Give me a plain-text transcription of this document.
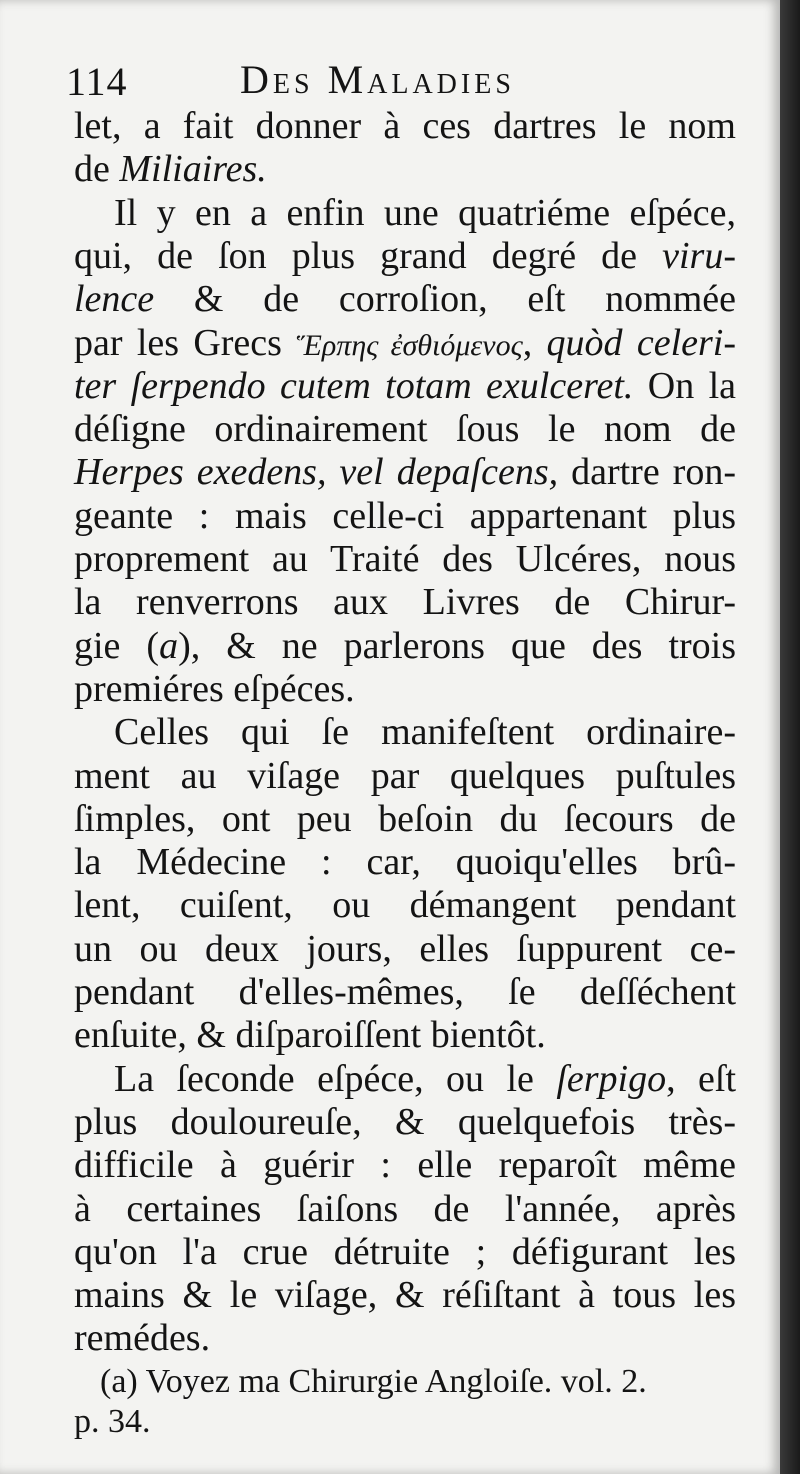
114	Des Maladies
let, a fait donner à ces dartres le nom
de Miliaires.
Il y en a enfin une quatriéme eſpéce,
qui, de ſon plus grand degré de viru-
lence & de corroſion, eſt nommée
par les Grecs Ἕρπης ἐσθιόμενος, quòd celeri-
ter ſerpendo cutem totam exulceret. On la
déſigne ordinairement ſous le nom de
Herpes exedens, vel depaſcens, dartre ron-
geante : mais celle-ci appartenant plus
proprement au Traité des Ulcéres, nous
la renverrons aux Livres de Chirur-
gie (a), & ne parlerons que des trois
premiéres eſpéces.
Celles qui ſe manifeſtent ordinaire-
ment au viſage par quelques puſtules
ſimples, ont peu beſoin du ſecours de
la Médecine : car, quoiqu'elles brû-
lent, cuiſent, ou démangent pendant
un ou deux jours, elles ſuppurent ce-
pendant d'elles-mêmes, ſe deſſéchent
enſuite, & diſparoiſſent bientôt.
La ſeconde eſpéce, ou le ſerpigo, eſt
plus douloureuſe, & quelquefois très-
difficile à guérir : elle reparoît même
à certaines ſaiſons de l'année, après
qu'on l'a crue détruite ; défigurant les
mains & le viſage, & réſiſtant à tous les
remédes.
(a) Voyez ma Chirurgie Angloiſe. vol. 2.
p. 34.
